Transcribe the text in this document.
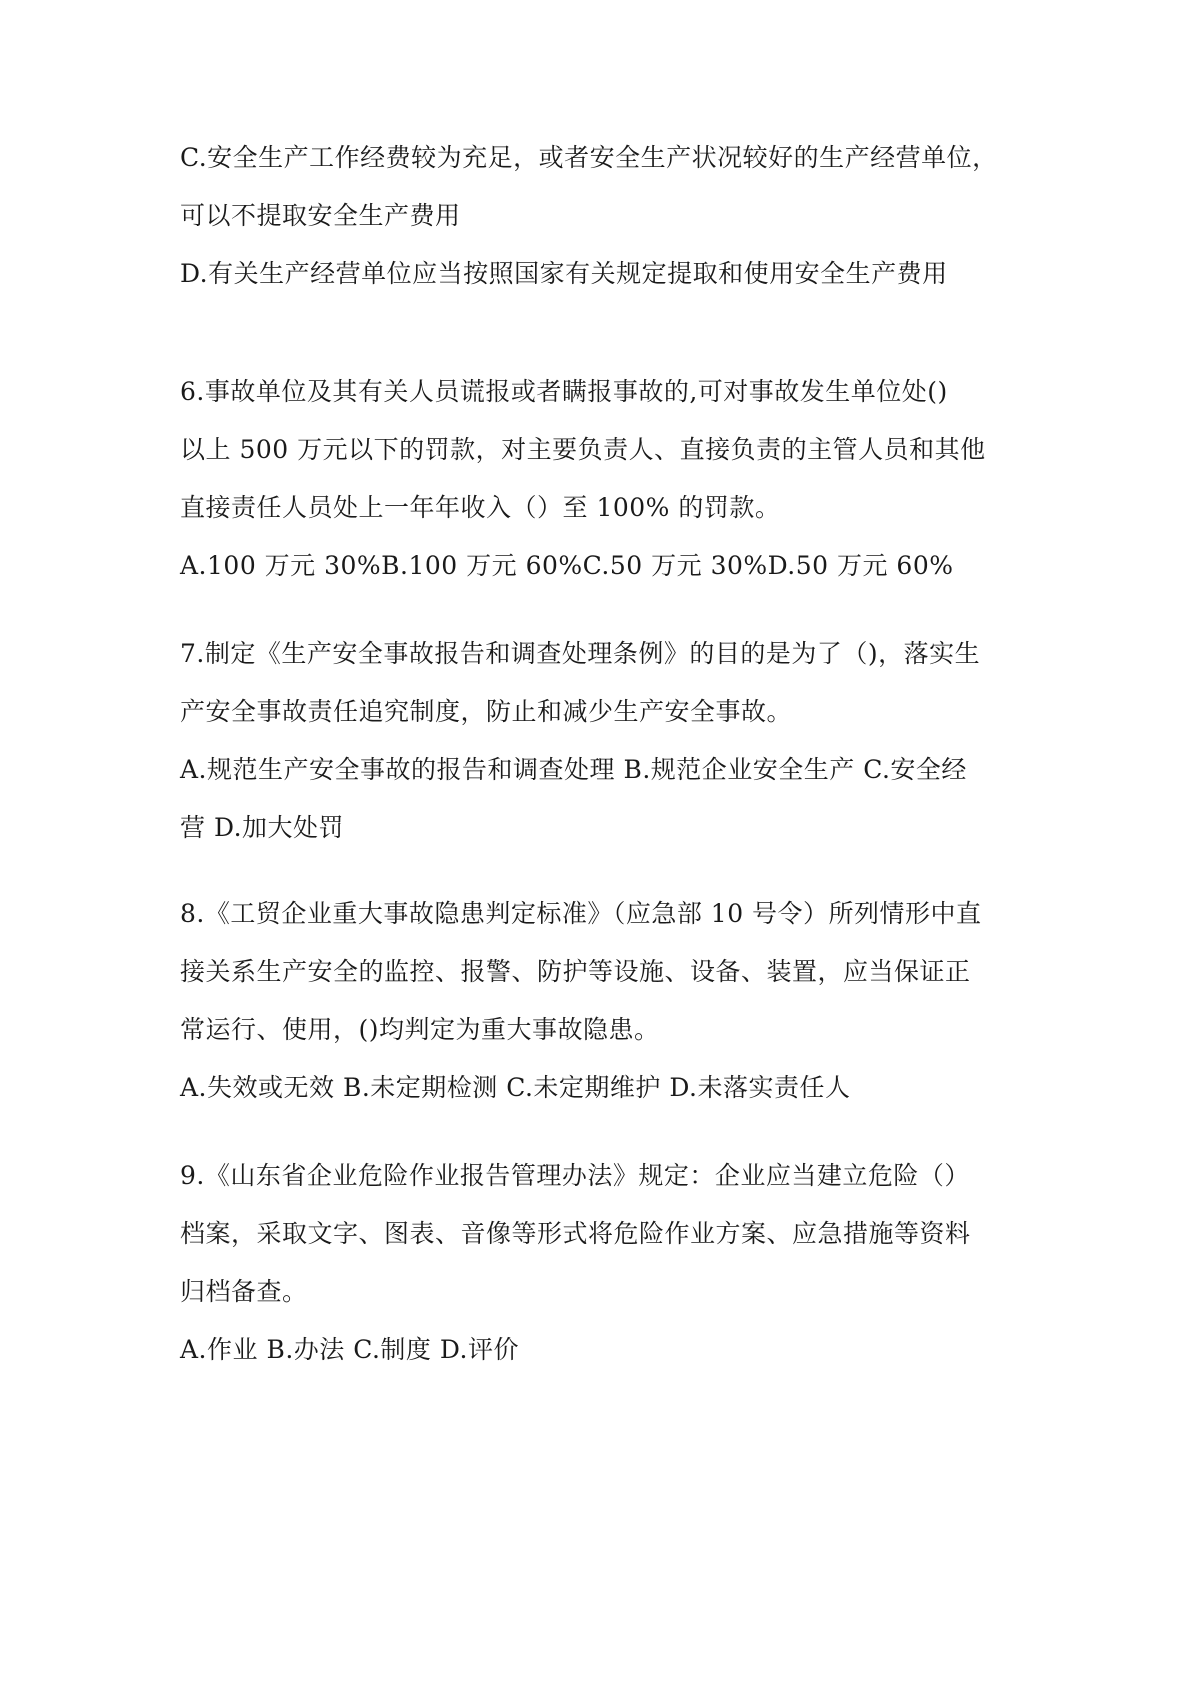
C.安全生产工作经费较为充足，或者安全生产状况较好的生产经营单位，
可以不提取安全生产费用
D.有关生产经营单位应当按照国家有关规定提取和使用安全生产费用
6.事故单位及其有关人员谎报或者瞒报事故的,可对事故发生单位处()
以上 500 万元以下的罚款，对主要负责人、直接负责的主管人员和其他
直接责任人员处上一年年收入（）至 100% 的罚款。
A.100 万元 30%B.100 万元 60%C.50 万元 30%D.50 万元 60%
7.制定《生产安全事故报告和调查处理条例》的目的是为了（)，落实生
产安全事故责任追究制度，防止和减少生产安全事故。
A.规范生产安全事故的报告和调查处理 B.规范企业安全生产 C.安全经
营 D.加大处罚
8.《工贸企业重大事故隐患判定标准》（应急部 10 号令）所列情形中直
接关系生产安全的监控、报警、防护等设施、设备、装置，应当保证正
常运行、使用，()均判定为重大事故隐患。
A.失效或无效 B.未定期检测 C.未定期维护 D.未落实责任人
9.《山东省企业危险作业报告管理办法》规定：企业应当建立危险（）
档案，采取文字、图表、音像等形式将危险作业方案、应急措施等资料
归档备查。
A.作业 B.办法 C.制度 D.评价
